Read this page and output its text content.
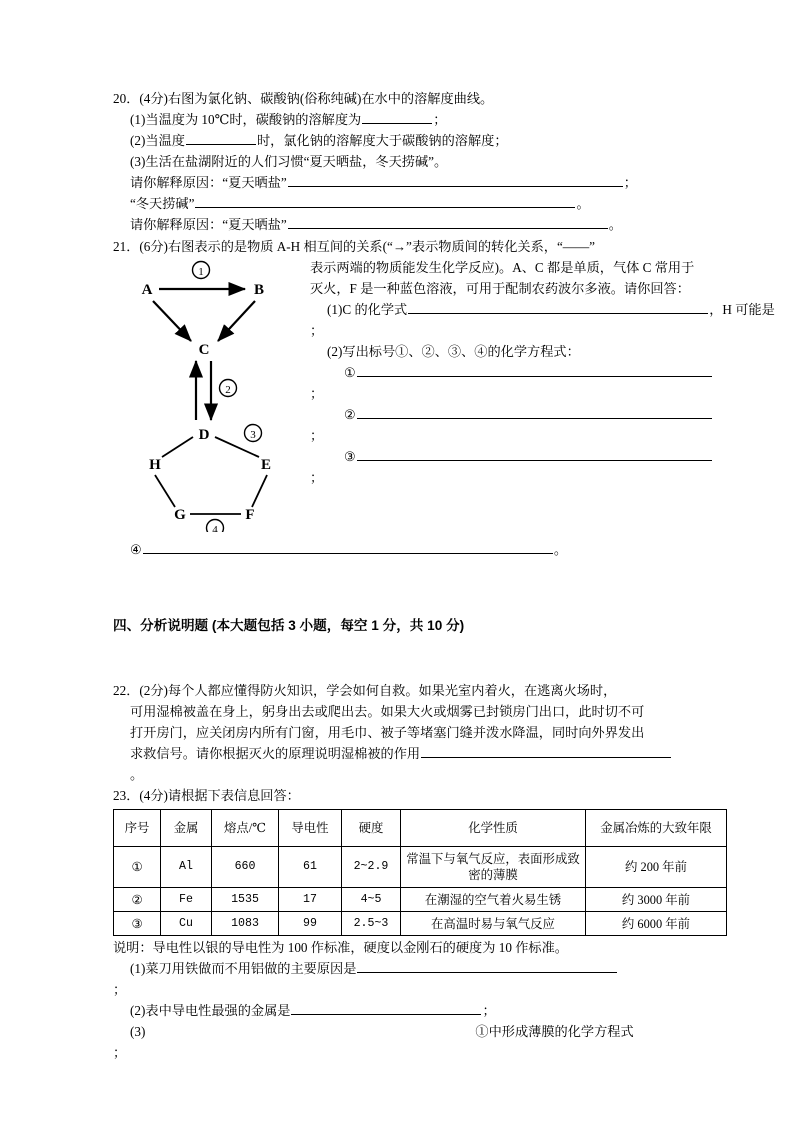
20．(4分)右图为氯化钠、碳酸钠(俗称纯碱)在水中的溶解度曲线。
(1)当温度为 10℃时，碳酸钠的溶解度为	；
(2)当温度	时，氯化钠的溶解度大于碳酸钠的溶解度；
(3)生活在盐湖附近的人们习惯“夏天晒盐，冬天捞碱”。
请你解释原因：“夏天晒盐”	；
“冬天捞碱”	。
请你解释原因：“夏天晒盐”	。
21．(6分)右图表示的是物质 A-H 相互间的关系(“→”表示物质间的转化关系，“——”
A	B
C
D
E
F
G
H
1
2
3
4
表示两端的物质能发生化学反应)。A、C 都是单质，气体 C 常用于
灭火，F 是一种蓝色溶液，可用于配制农药波尔多液。请你回答：
(1)C 的化学式	，H 可能是
；
(2)写出标号①、②、③、④的化学方程式：
①
；
②
；
③
；
④	。
四、分析说明题 (本大题包括 3 小题，每空 1 分，共 10 分)
22．(2分)每个人都应懂得防火知识，学会如何自救。如果光室内着火，在逃离火场时，
可用湿棉被盖在身上，躬身出去或爬出去。如果大火或烟雾已封锁房门出口，此时切不可
打开房门，应关闭房内所有门窗，用毛巾、被子等堵塞门缝并泼水降温，同时向外界发出
求救信号。请你根据灭火的原理说明湿棉被的作用
。
23．(4分)请根据下表信息回答：
序号	金属	熔点/℃	导电性	硬度	化学性质	金属冶炼的大致年限
①	Al	660	61	2~2.9	常温下与氧气反应，表面形成致密的薄膜	约 200 年前
②	Fe	1535	17	4~5	在潮湿的空气着火易生锈	约 3000 年前
③	Cu	1083	99	2.5~3	在高温时易与氧气反应	约 6000 年前
说明：导电性以银的导电性为 100 作标准，硬度以金刚石的硬度为 10 作标准。
(1)菜刀用铁做而不用铝做的主要原因是
；
(2)表中导电性最强的金属是	；
(3)	①中形成薄膜的化学方程式
；
